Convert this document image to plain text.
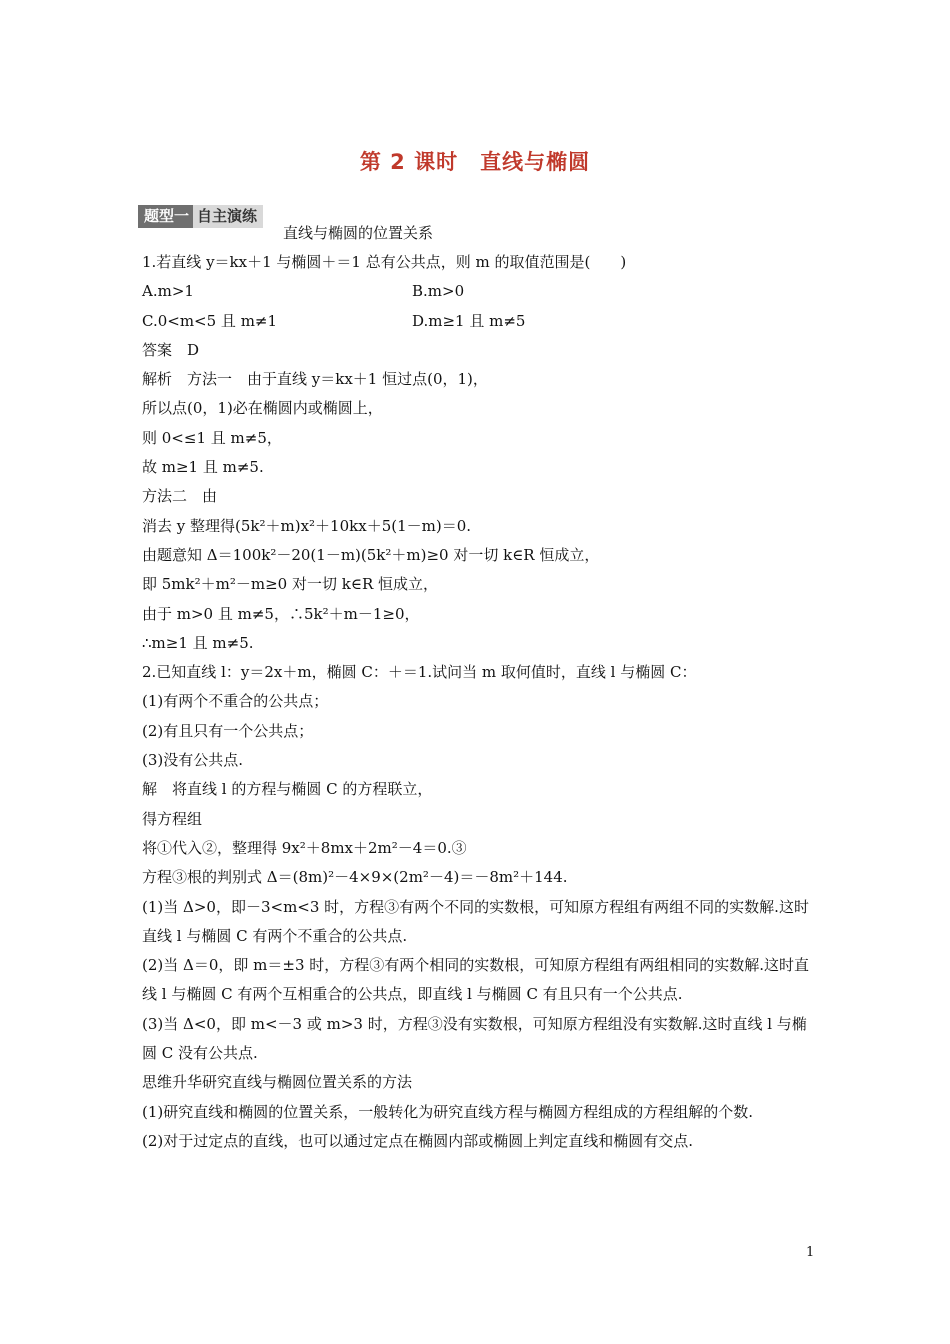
第 2 课时　直线与椭圆
题型一 自主演练
直线与椭圆的位置关系
1.若直线 y＝kx＋1 与椭圆＋＝1 总有公共点，则 m 的取值范围是(　　)
A.m>1	B.m>0
C.0<m<5 且 m≠1	D.m≥1 且 m≠5
答案　D
解析　方法一　由于直线 y＝kx＋1 恒过点(0，1)，
所以点(0，1)必在椭圆内或椭圆上，
则 0<≤1 且 m≠5，
故 m≥1 且 m≠5.
方法二　由
消去 y 整理得(5k²＋m)x²＋10kx＋5(1－m)＝0.
由题意知 Δ＝100k²－20(1－m)(5k²＋m)≥0 对一切 k∈R 恒成立，
即 5mk²＋m²－m≥0 对一切 k∈R 恒成立，
由于 m>0 且 m≠5，∴5k²＋m－1≥0，
∴m≥1 且 m≠5.
2.已知直线 l：y＝2x＋m，椭圆 C：＋＝1.试问当 m 取何值时，直线 l 与椭圆 C：
(1)有两个不重合的公共点；
(2)有且只有一个公共点；
(3)没有公共点.
解　将直线 l 的方程与椭圆 C 的方程联立，
得方程组
将①代入②，整理得 9x²＋8mx＋2m²－4＝0.③
方程③根的判别式 Δ＝(8m)²－4×9×(2m²－4)＝－8m²＋144.
(1)当 Δ>0，即－3<m<3 时，方程③有两个不同的实数根，可知原方程组有两组不同的实数解.这时直线 l 与椭圆 C 有两个不重合的公共点.
(2)当 Δ＝0，即 m＝±3 时，方程③有两个相同的实数根，可知原方程组有两组相同的实数解.这时直线 l 与椭圆 C 有两个互相重合的公共点，即直线 l 与椭圆 C 有且只有一个公共点.
(3)当 Δ<0，即 m<－3 或 m>3 时，方程③没有实数根，可知原方程组没有实数解.这时直线 l 与椭圆 C 没有公共点.
思维升华研究直线与椭圆位置关系的方法
(1)研究直线和椭圆的位置关系，一般转化为研究直线方程与椭圆方程组成的方程组解的个数.
(2)对于过定点的直线，也可以通过定点在椭圆内部或椭圆上判定直线和椭圆有交点.
1
